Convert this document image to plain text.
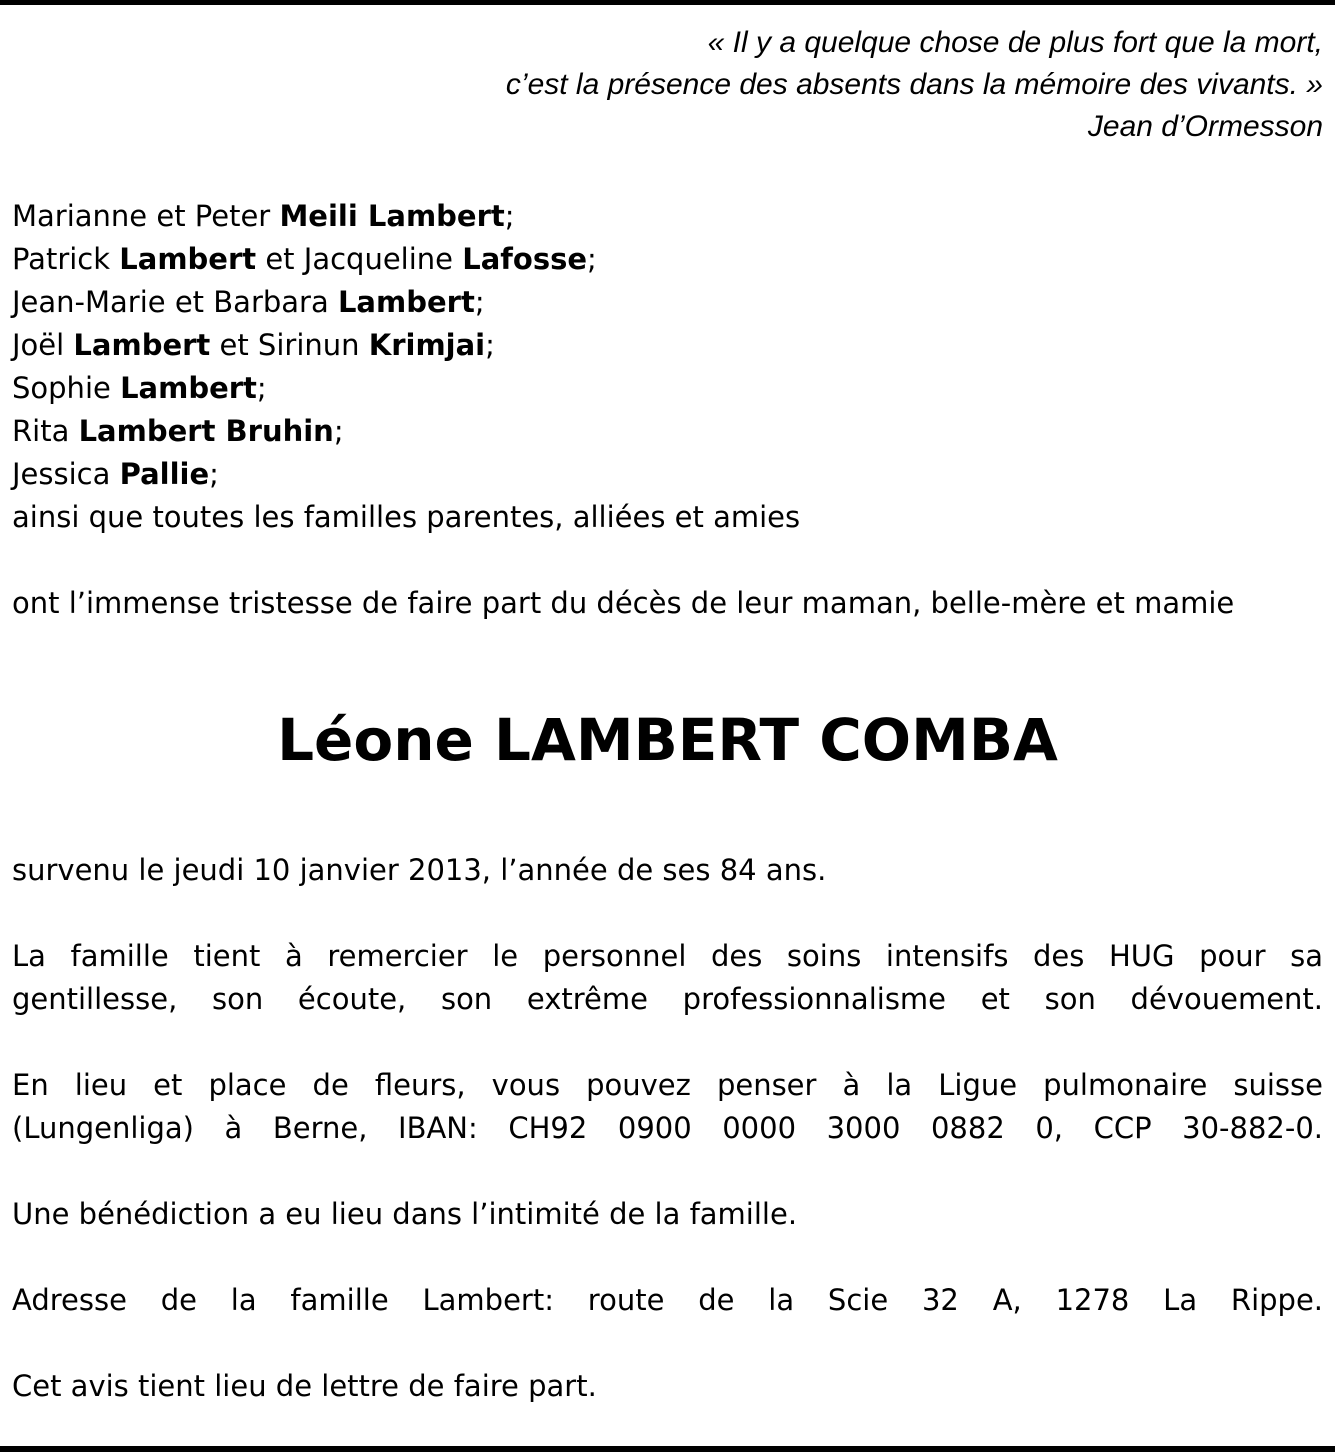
« Il y a quelque chose de plus fort que la mort,
c’est la présence des absents dans la mémoire des vivants. »
Jean d’Ormesson
Marianne et Peter Meili Lambert;
Patrick Lambert et Jacqueline Lafosse;
Jean-Marie et Barbara Lambert;
Joël Lambert et Sirinun Krimjai;
Sophie Lambert;
Rita Lambert Bruhin;
Jessica Pallie;
ainsi que toutes les familles parentes, alliées et amies
ont l’immense tristesse de faire part du décès de leur maman, belle-mère et mamie
Léone LAMBERT COMBA
survenu le jeudi 10 janvier 2013, l’année de ses 84 ans.
La famille tient à remercier le personnel des soins intensifs des HUG pour sa
gentillesse, son écoute, son extrême professionnalisme et son dévouement.
En lieu et place de fleurs, vous pouvez penser à la Ligue pulmonaire suisse
(Lungenliga) à Berne, IBAN: CH92 0900 0000 3000 0882 0, CCP 30-882-0.
Une bénédiction a eu lieu dans l’intimité de la famille.
Adresse de la famille Lambert: route de la Scie 32 A, 1278 La Rippe.
Cet avis tient lieu de lettre de faire part.
